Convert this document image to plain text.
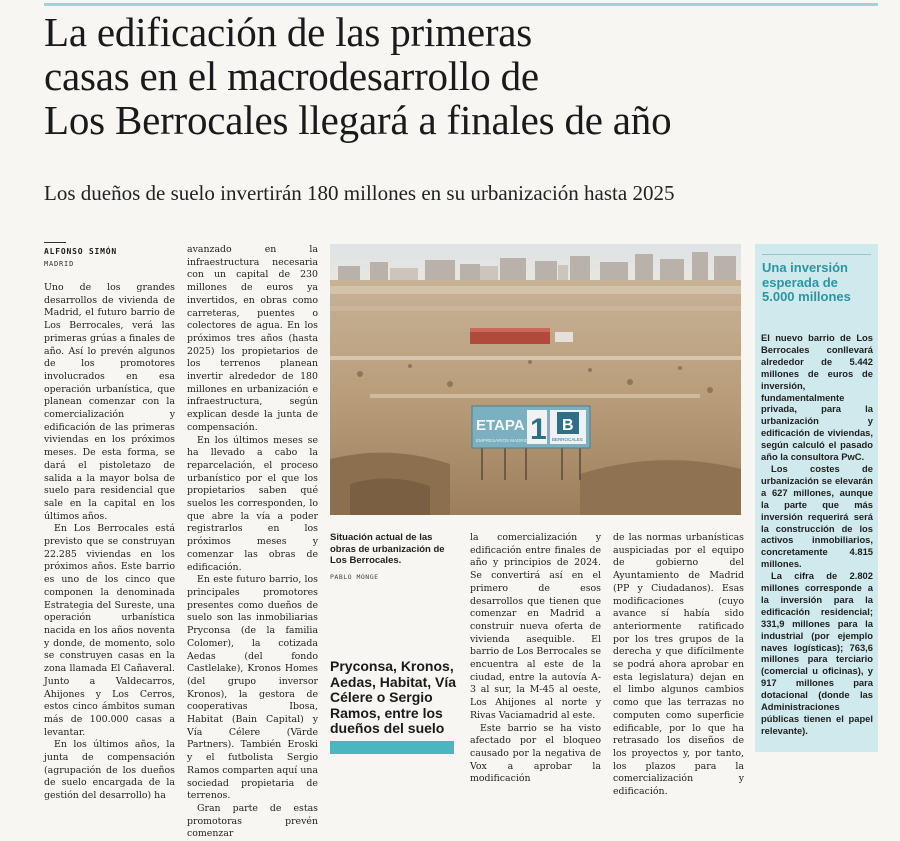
La edificación de las primeras
casas en el macrodesarrollo de
Los Berrocales llegará a finales de año
Los dueños de suelo invertirán 180 millones en su urbanización hasta 2025
ALFONSO SIMÓN
MADRID

Uno de los grandes desarrollos de vivienda de Madrid, el futuro barrio de Los Berrocales, verá las primeras grúas a finales de año. Así lo prevén algunos de los promotores involucrados en esa operación urbanística, que planean comenzar con la comercialización y edificación de las primeras viviendas en los próximos meses. De esta forma, se dará el pistoletazo de salida a la mayor bolsa de suelo para residencial que sale en la capital en los últimos años.

En Los Berrocales está previsto que se construyan 22.285 viviendas en los próximos años. Este barrio es uno de los cinco que componen la denominada Estrategia del Sureste, una operación urbanística nacida en los años noventa y donde, de momento, solo se construyen casas en la zona llamada El Cañaveral. Junto a Valdecarros, Ahijones y Los Cerros, estos cinco ámbitos suman más de 100.000 casas a levantar.

En los últimos años, la junta de compensación (agrupación de los dueños de suelo encargada de la gestión del desarrollo) ha

avanzado en la infraestructura necesaria con un capital de 230 millones de euros ya invertidos, en obras como carreteras, puentes o colectores de agua. En los próximos tres años (hasta 2025) los propietarios de los terrenos planean invertir alrededor de 180 millones en urbanización e infraestructura, según explican desde la junta de compensación.

En los últimos meses se ha llevado a cabo la reparcelación, el proceso urbanístico por el que los propietarios saben qué suelos les corresponden, lo que abre la vía a poder registrarlos en los próximos meses y comenzar las obras de edificación.

En este futuro barrio, los principales promotores presentes como dueños de suelo son las inmobiliarias Pryconsa (de la familia Colomer), la cotizada Aedas (del fondo Castlelake), Kronos Homes (del grupo inversor Kronos), la gestora de cooperativas Ibosa, Habitat (Bain Capital) y Vía Célere (Värde Partners). También Eroski y el futbolista Sergio Ramos comparten aquí una sociedad propietaria de terrenos.

Gran parte de estas promotoras prevén comenzar

ETAPA 1
EMPRESARIOS MADRID
B
BERROCALES
Situación actual de las obras de urbanización de Los Berrocales.
PABLO MONGE

la comercialización y edificación entre finales de año y principios de 2024. Se convertirá así en el primero de esos desarrollos que tienen que comenzar en Madrid a construir nueva oferta de vivienda asequible. El barrio de Los Berrocales se encuentra al este de la ciudad, entre la autovía A-3 al sur, la M-45 al oeste, Los Ahijones al norte y Rivas Vaciamadrid al este.

Este barrio se ha visto afectado por el bloqueo causado por la negativa de Vox a aprobar la modificación

de las normas urbanísticas auspiciadas por el equipo de gobierno del Ayuntamiento de Madrid (PP y Ciudadanos). Esas modificaciones (cuyo avance sí había sido anteriormente ratificado por los tres grupos de la derecha y que difícilmente se podrá ahora aprobar en esta legislatura) dejan en el limbo algunos cambios como que las terrazas no computen como superficie edificable, por lo que ha retrasado los diseños de los proyectos y, por tanto, los plazos para la comercialización y edificación.

Pryconsa, Kronos, Aedas, Habitat, Vía Célere o Sergio Ramos, entre los dueños del suelo
Una inversión esperada de 5.000 millones

El nuevo barrio de Los Berrocales conllevará alrededor de 5.442 millones de euros de inversión, fundamentalmente privada, para la urbanización y edificación de viviendas, según calculó el pasado año la consultora PwC.

Los costes de urbanización se elevarán a 627 millones, aunque la parte que más inversión requerirá será la construcción de los activos inmobiliarios, concretamente 4.815 millones.

La cifra de 2.802 millones corresponde a la inversión para la edificación residencial; 331,9 millones para la industrial (por ejemplo naves logísticas); 763,6 millones para terciario (comercial u oficinas), y 917 millones para dotacional (donde las Administraciones públicas tienen el papel relevante).
